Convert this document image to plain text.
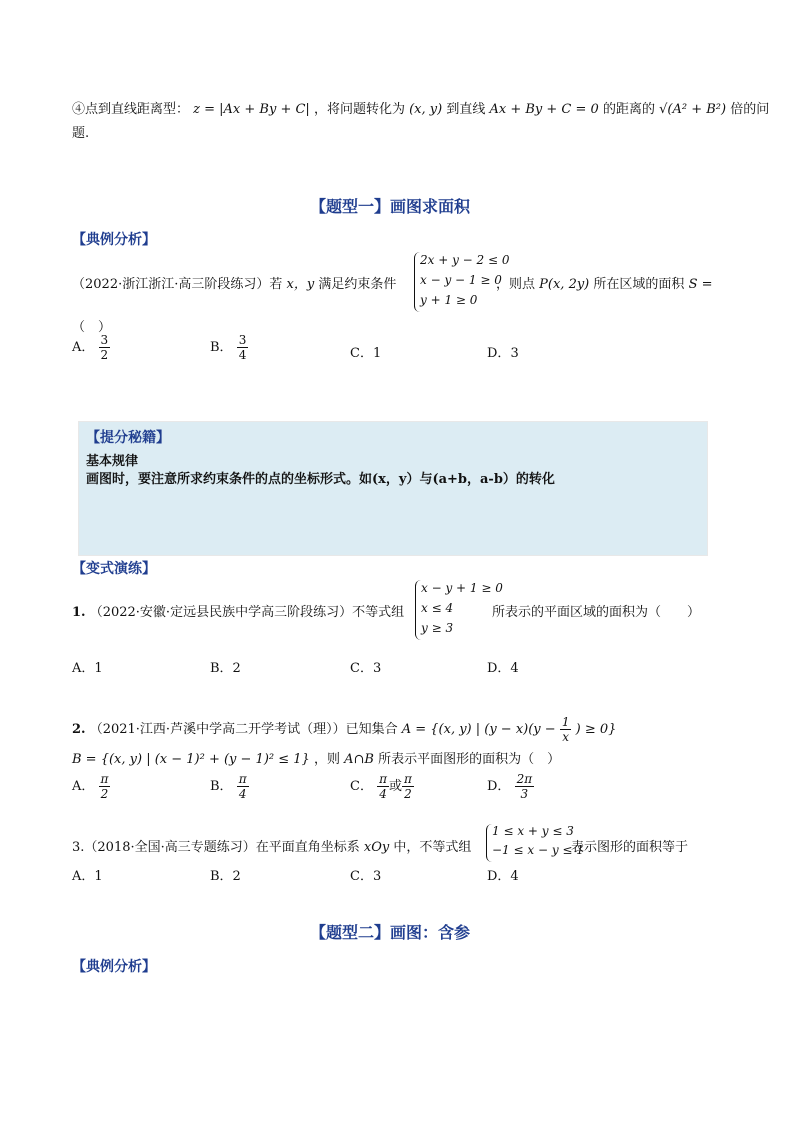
④点到直线距离型： z = |Ax + By + C| ，将问题转化为 (x, y) 到直线 Ax + By + C = 0 的距离的 √(A² + B²) 倍的问
题.
【题型一】画图求面积
【典例分析】
（2022·浙江浙江·高三阶段练习）若 x，y 满足约束条件
2x + y − 2 ≤ 0
x − y − 1 ≥ 0
y + 1 ≥ 0
，则点 P(x, 2y) 所在区域的面积 S =
（　）
A． $\frac{3}{2}$	B． $\frac{3}{4}$	C．1	D．3
【提分秘籍】
基本规律
画图时，要注意所求约束条件的点的坐标形式。如(x，y）与(a+b，a-b）的转化
【变式演练】
1. （2022·安徽·定远县民族中学高三阶段练习）不等式组
x − y + 1 ≥ 0
x ≤ 4
y ≥ 3
所表示的平面区域的面积为（　　）
A．1	B．2	C．3	D．4
2. （2021·江西·芦溪中学高二开学考试（理））已知集合 A = {(x, y) | $(y - x)(y - \frac{1}{x}$ ) ≥ 0}
B = {(x, y) | (x − 1)² + (y − 1)² ≤ 1} ，则 A∩B 所表示平面图形的面积为（　）
A． $\frac{\pi}{2}$	B． $\frac{\pi}{4}$	C． $\frac{\pi}{4}$ 或 $\frac{\pi}{2}$	D． $\frac{2\pi}{3}$
3.（2018·全国·高三专题练习）在平面直角坐标系 xOy 中，不等式组
1 ≤ x + y ≤ 3
−1 ≤ x − y ≤ 1
表示图形的面积等于
A．1	B．2	C．3	D．4
【题型二】画图：含参
【典例分析】
